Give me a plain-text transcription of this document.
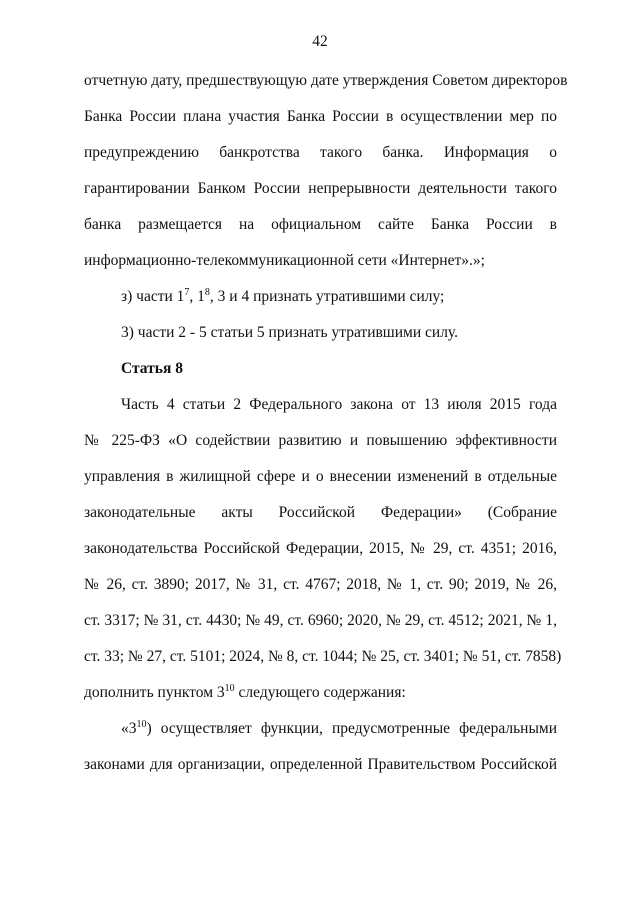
42
отчетную дату, предшествующую дате утверждения Советом директоров
Банка России плана участия Банка России в осуществлении мер по
предупреждению банкротства такого банка. Информация о
гарантировании Банком России непрерывности деятельности такого
банка размещается на официальном сайте Банка России в
информационно-телекоммуникационной сети «Интернет».»;
з) части $1^7$, $1^8$, 3 и 4 признать утратившими силу;
3) части 2 - 5 статьи 5 признать утратившими силу.
Статья 8
Часть 4 статьи 2 Федерального закона от 13 июля 2015 года
№ 225-ФЗ «О содействии развитию и повышению эффективности
управления в жилищной сфере и о внесении изменений в отдельные
законодательные акты Российской Федерации» (Собрание
законодательства Российской Федерации, 2015, № 29, ст. 4351; 2016,
№ 26, ст. 3890; 2017, № 31, ст. 4767; 2018, № 1, ст. 90; 2019, № 26,
ст. 3317; № 31, ст. 4430; № 49, ст. 6960; 2020, № 29, ст. 4512; 2021, № 1,
ст. 33; № 27, ст. 5101; 2024, № 8, ст. 1044; № 25, ст. 3401; № 51, ст. 7858)
дополнить пунктом $3^{10}$ следующего содержания:
«$3^{10}$) осуществляет функции, предусмотренные федеральными
законами для организации, определенной Правительством Российской
